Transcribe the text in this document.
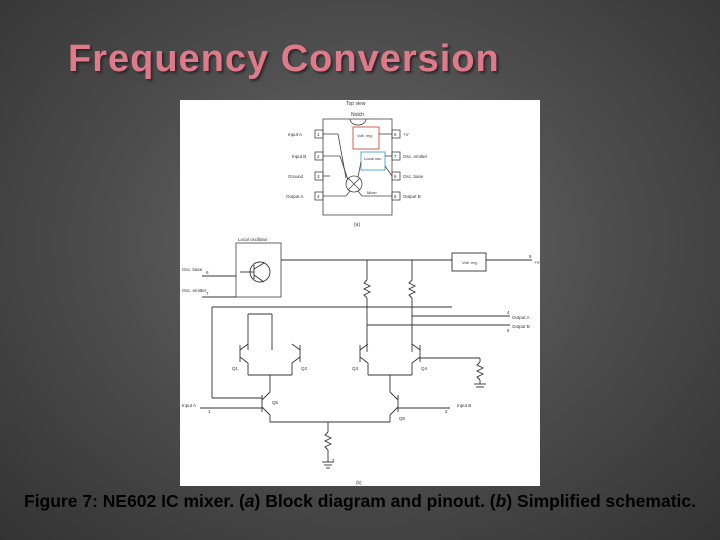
Frequency Conversion
Top view
Notch
(a)
Input A	1
Input B 2
Ground	3
Output A	4
8 +V
7 Osc. emitter
6 Osc. base
5 Output B
Volt. reg.
Local osc.
Mixer
Local oscillator
Osc. base
6
Osc. emitter
7
Volt. reg.
8
+V
4
Output A
5
Output B
Q1	Q2	Q3	Q4
Q5
Q6
Input A
1
Input B
2
3
(b)
Figure 7: NE602 IC mixer. (a) Block diagram and pinout. (b) Simplified schematic.
